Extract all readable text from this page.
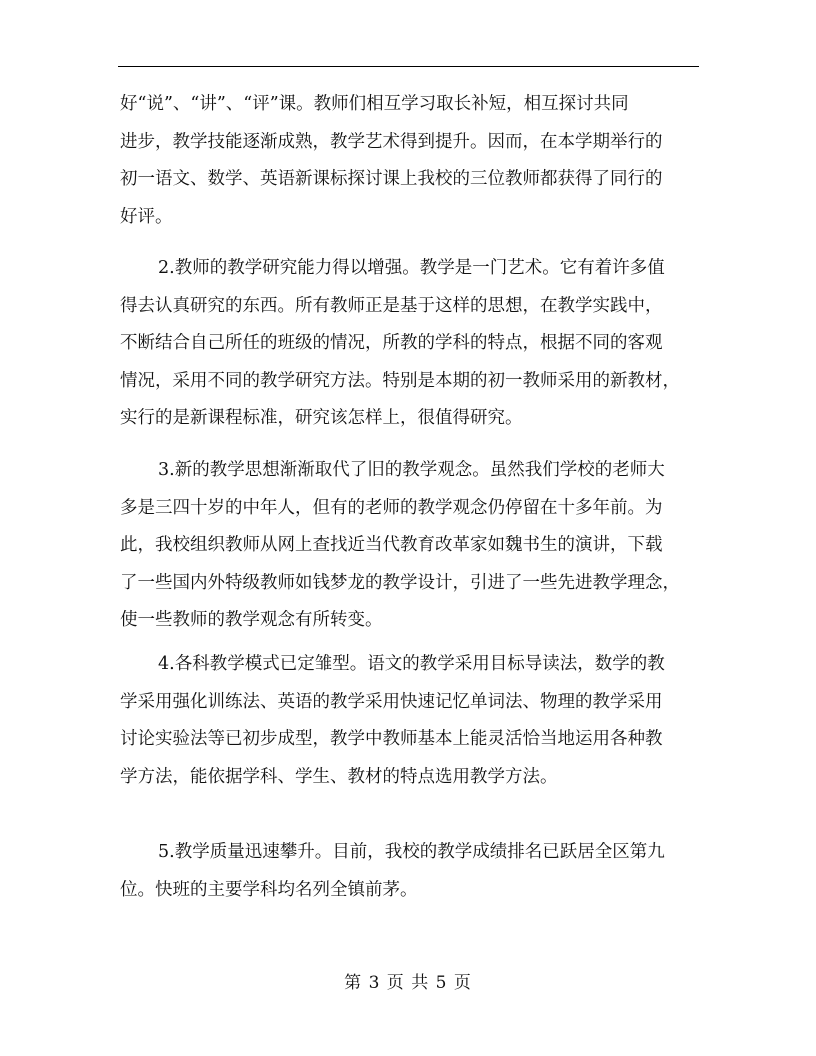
好“说”、“讲”、“评”课。教师们相互学习取长补短，相互探讨共同
进步，教学技能逐渐成熟，教学艺术得到提升。因而，在本学期举行的
初一语文、数学、英语新课标探讨课上我校的三位教师都获得了同行的
好评。
2.教师的教学研究能力得以增强。教学是一门艺术。它有着许多值
得去认真研究的东西。所有教师正是基于这样的思想，在教学实践中，
不断结合自己所任的班级的情况，所教的学科的特点，根据不同的客观
情况，采用不同的教学研究方法。特别是本期的初一教师采用的新教材，
实行的是新课程标准，研究该怎样上，很值得研究。
3.新的教学思想渐渐取代了旧的教学观念。虽然我们学校的老师大
多是三四十岁的中年人，但有的老师的教学观念仍停留在十多年前。为
此，我校组织教师从网上查找近当代教育改革家如魏书生的演讲，下载
了一些国内外特级教师如钱梦龙的教学设计，引进了一些先进教学理念，
使一些教师的教学观念有所转变。
4.各科教学模式已定雏型。语文的教学采用目标导读法，数学的教
学采用强化训练法、英语的教学采用快速记忆单词法、物理的教学采用
讨论实验法等已初步成型，教学中教师基本上能灵活恰当地运用各种教
学方法，能依据学科、学生、教材的特点选用教学方法。
5.教学质量迅速攀升。目前，我校的教学成绩排名已跃居全区第九
位。快班的主要学科均名列全镇前茅。
第 3 页 共 5 页
